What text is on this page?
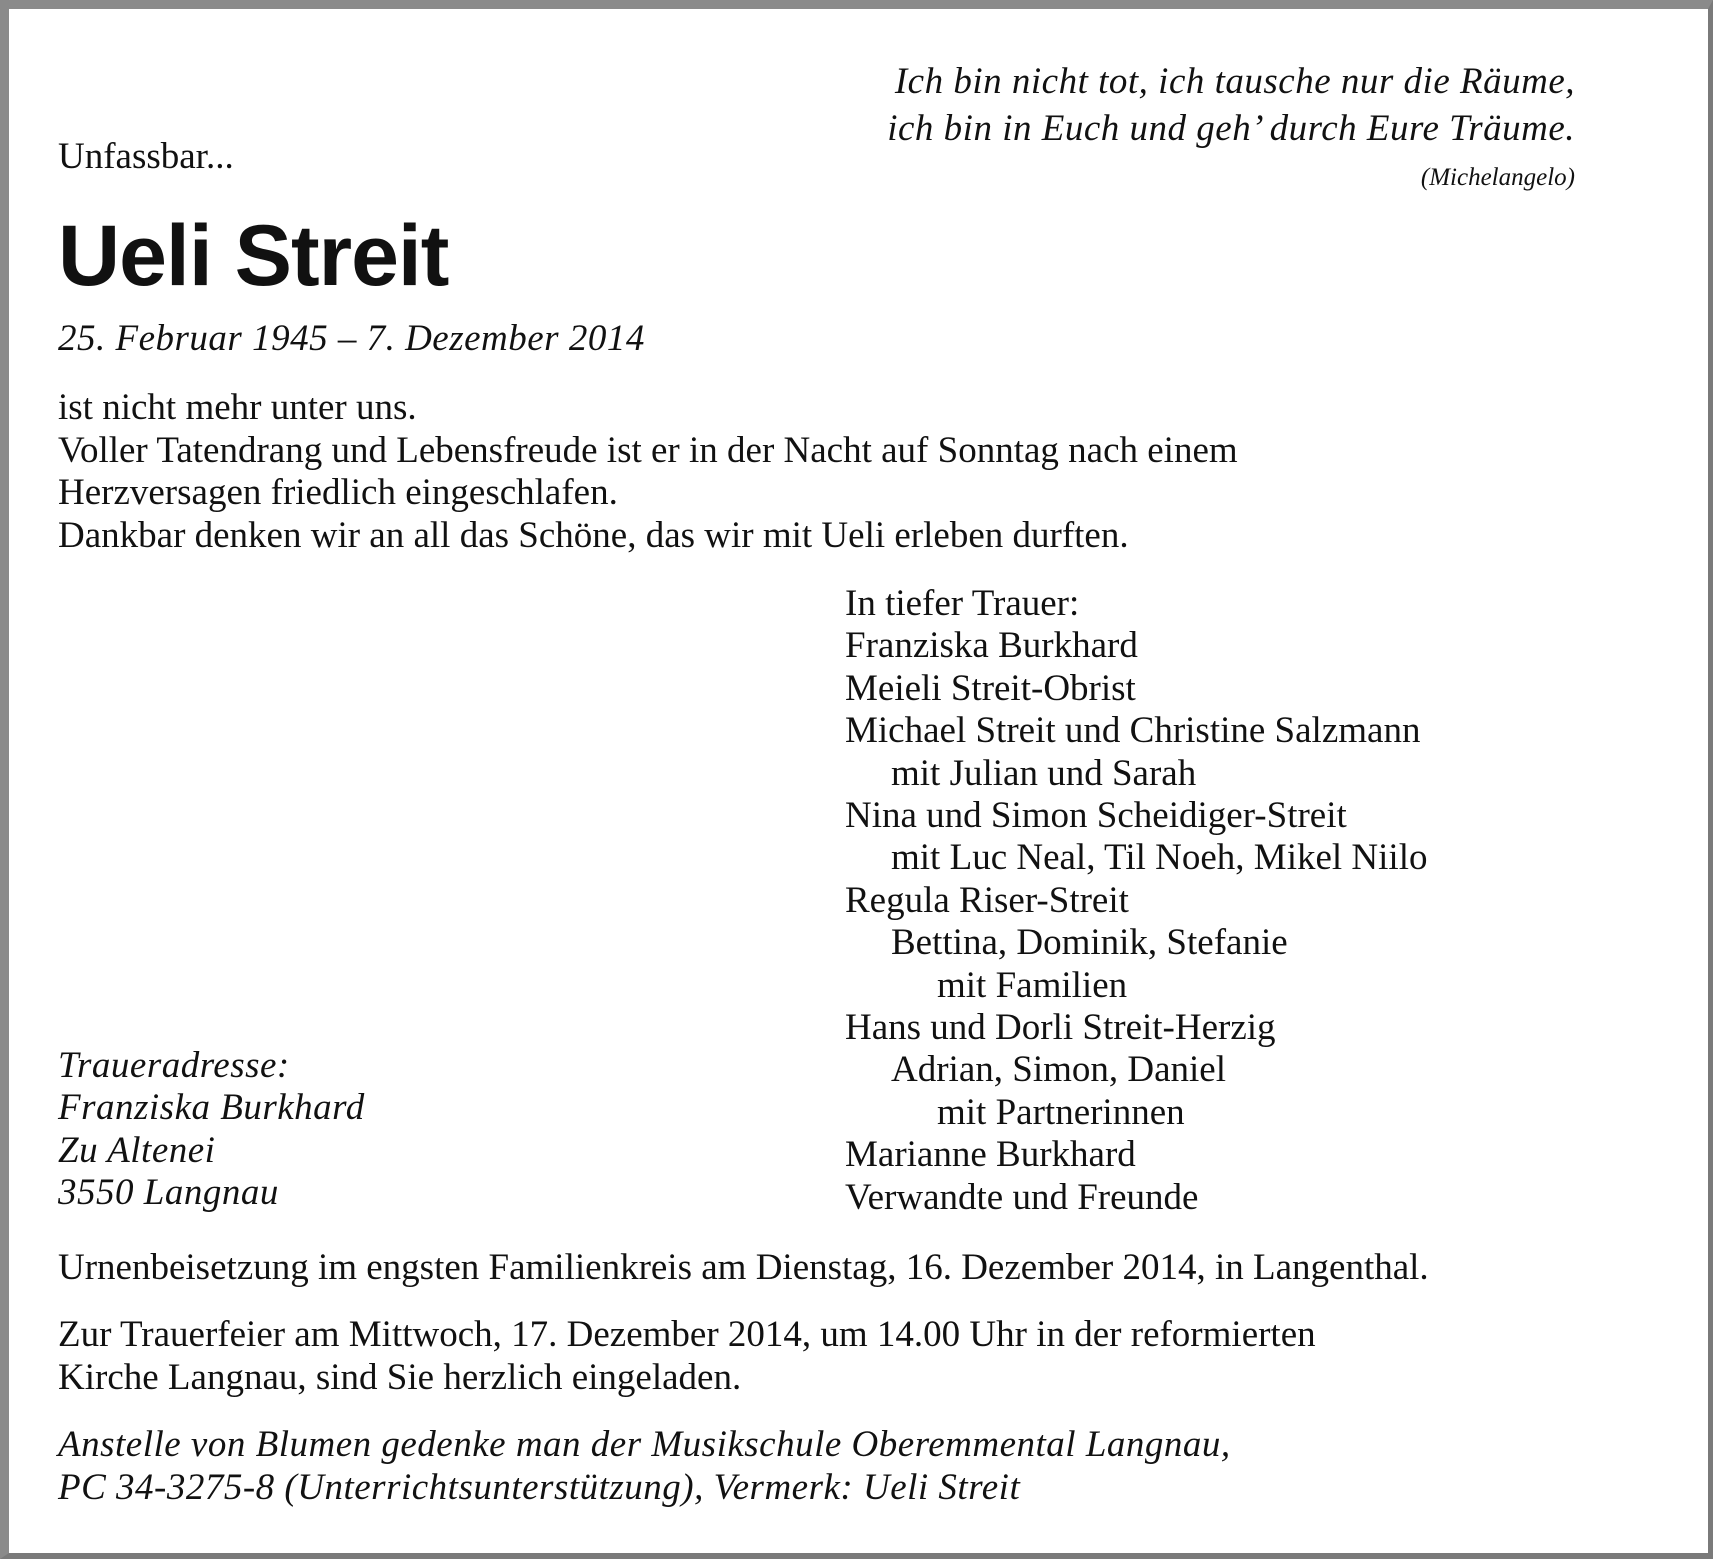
Ich bin nicht tot, ich tausche nur die Räume,
ich bin in Euch und geh’ durch Eure Träume.
(Michelangelo)
Unfassbar...
Ueli Streit
25. Februar 1945 – 7. Dezember 2014
ist nicht mehr unter uns.
Voller Tatendrang und Lebensfreude ist er in der Nacht auf Sonntag nach einem
Herzversagen friedlich eingeschlafen.
Dankbar denken wir an all das Schöne, das wir mit Ueli erleben durften.
In tiefer Trauer:
Franziska Burkhard
Meieli Streit-Obrist
Michael Streit und Christine Salzmann
mit Julian und Sarah
Nina und Simon Scheidiger-Streit
mit Luc Neal, Til Noeh, Mikel Niilo
Regula Riser-Streit
Bettina, Dominik, Stefanie
mit Familien
Hans und Dorli Streit-Herzig
Adrian, Simon, Daniel
mit Partnerinnen
Marianne Burkhard
Verwandte und Freunde
Traueradresse:
Franziska Burkhard
Zu Altenei
3550 Langnau
Urnenbeisetzung im engsten Familienkreis am Dienstag, 16. Dezember 2014, in Langenthal.
Zur Trauerfeier am Mittwoch, 17. Dezember 2014, um 14.00 Uhr in der reformierten
Kirche Langnau, sind Sie herzlich eingeladen.
Anstelle von Blumen gedenke man der Musikschule Oberemmental Langnau,
PC 34-3275-8 (Unterrichtsunterstützung), Vermerk: Ueli Streit
